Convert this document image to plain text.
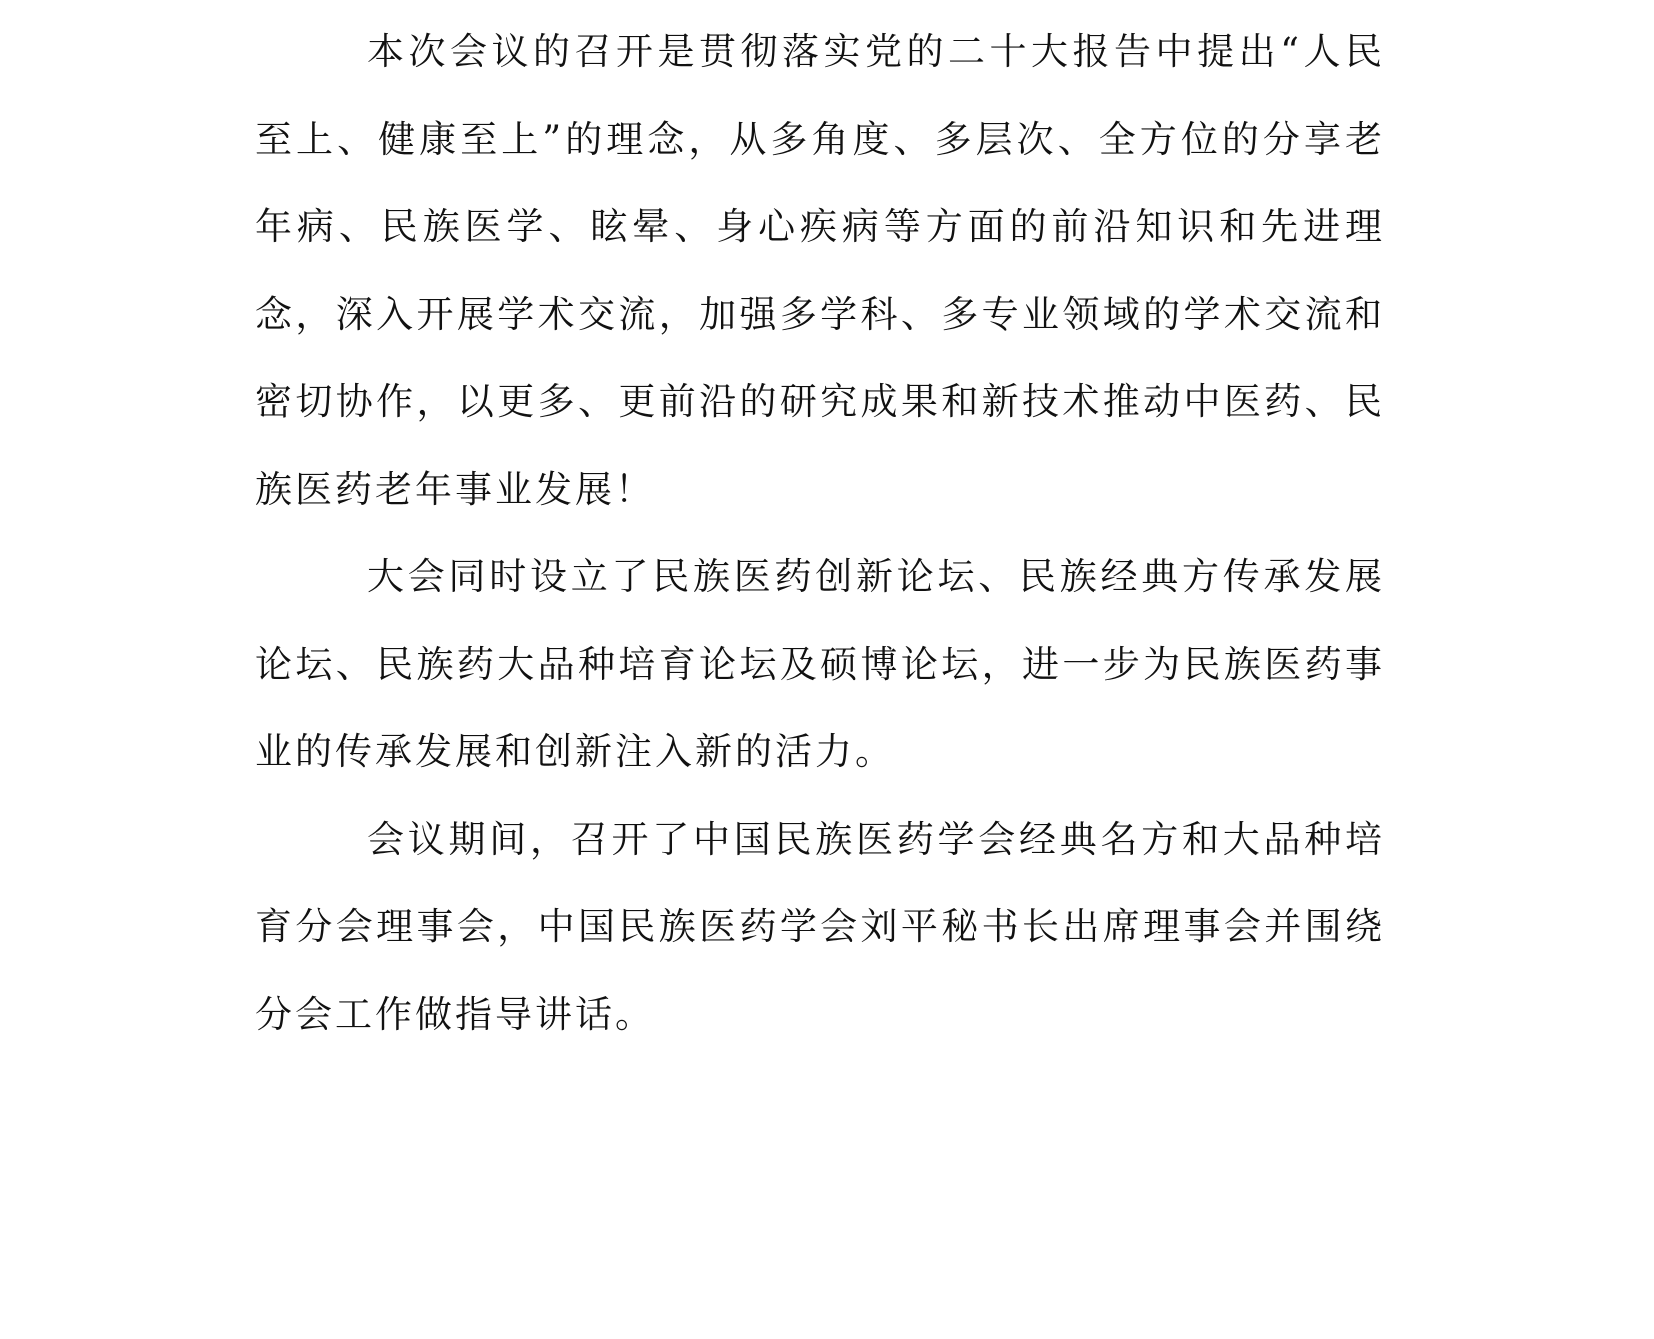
本次会议的召开是贯彻落实党的二十大报告中提出“人民至上、健康至上”的理念，从多角度、多层次、全方位的分享老年病、民族医学、眩晕、身心疾病等方面的前沿知识和先进理念，深入开展学术交流，加强多学科、多专业领域的学术交流和密切协作，以更多、更前沿的研究成果和新技术推动中医药、民族医药老年事业发展！

大会同时设立了民族医药创新论坛、民族经典方传承发展论坛、民族药大品种培育论坛及硕博论坛，进一步为民族医药事业的传承发展和创新注入新的活力。

会议期间，召开了中国民族医药学会经典名方和大品种培育分会理事会，中国民族医药学会刘平秘书长出席理事会并围绕分会工作做指导讲话。
